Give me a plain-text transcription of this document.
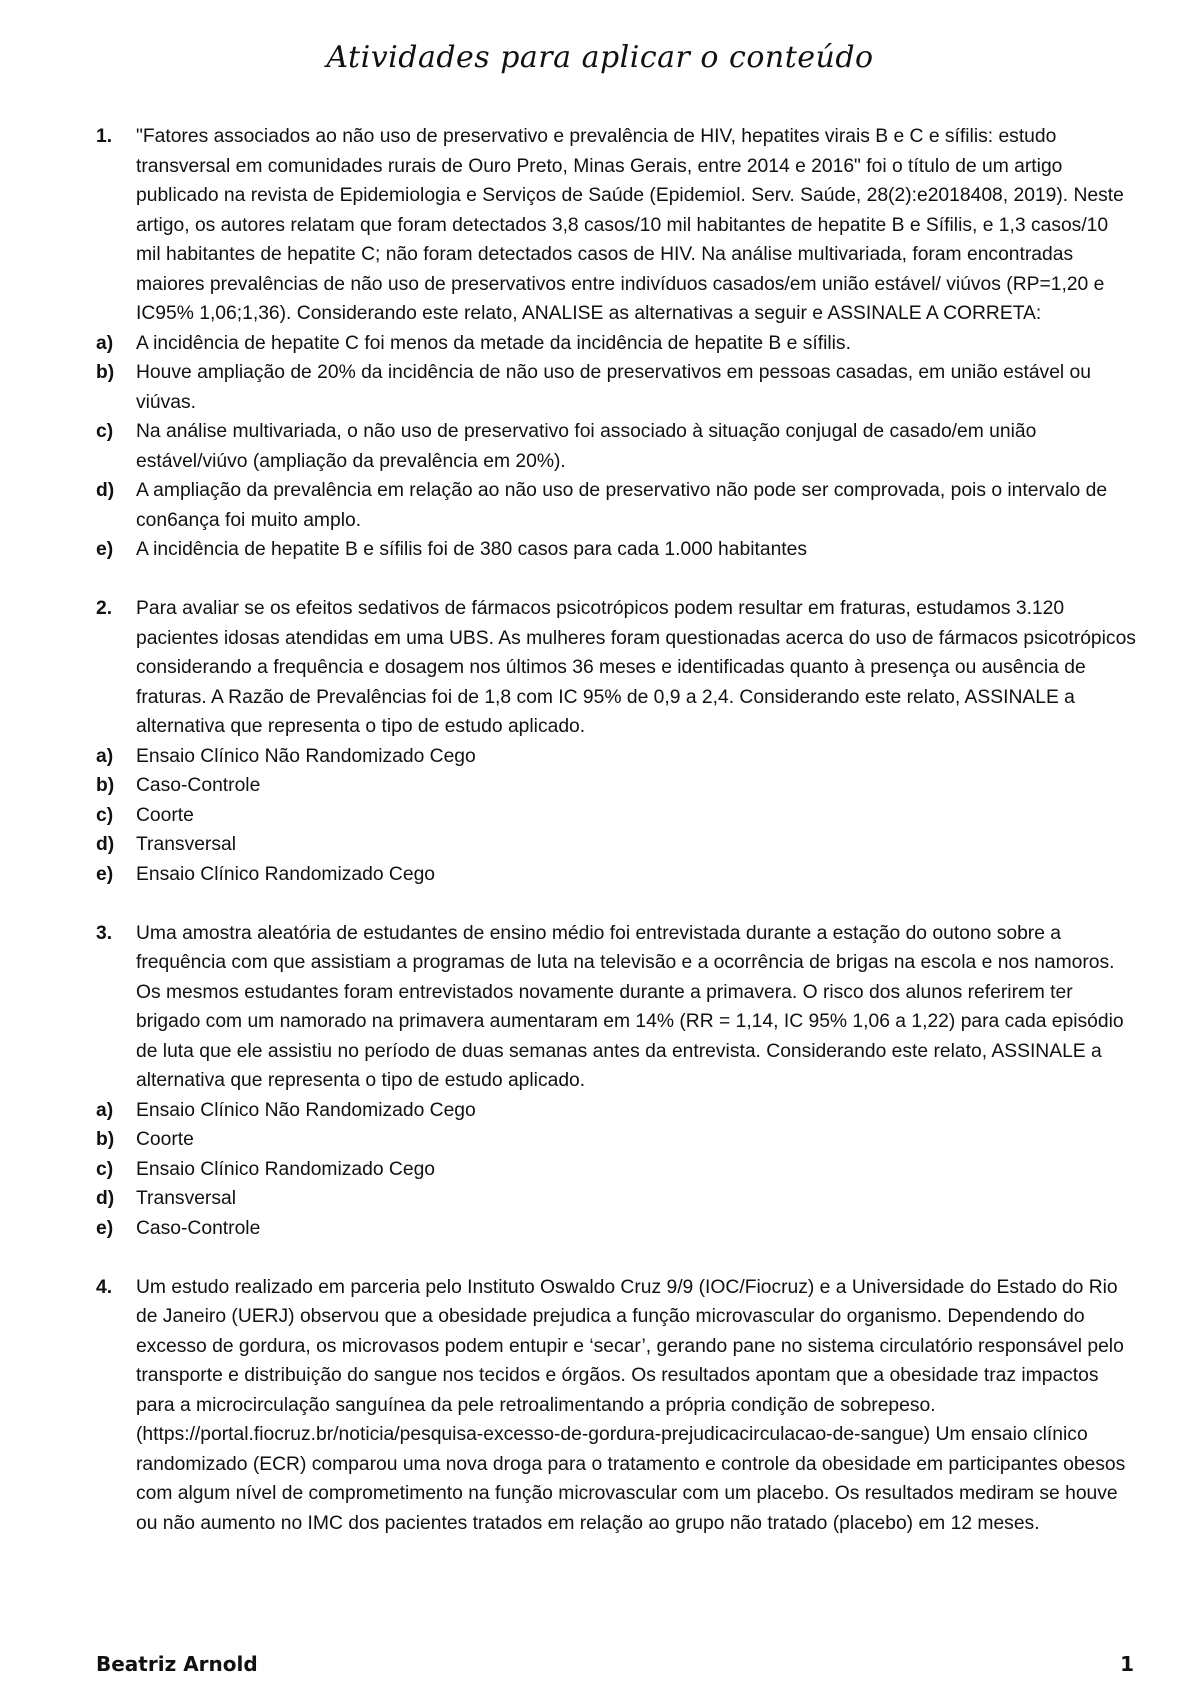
Atividades para aplicar o conteúdo
1.	"Fatores associados ao não uso de preservativo e prevalência de HIV, hepatites virais B e C e sífilis: estudo transversal em comunidades rurais de Ouro Preto, Minas Gerais, entre 2014 e 2016" foi o título de um artigo publicado na revista de Epidemiologia e Serviços de Saúde (Epidemiol. Serv. Saúde, 28(2):e2018408, 2019). Neste artigo, os autores relatam que foram detectados 3,8 casos/10 mil habitantes de hepatite B e Sífilis, e 1,3 casos/10 mil habitantes de hepatite C; não foram detectados casos de HIV. Na análise multivariada, foram encontradas maiores prevalências de não uso de preservativos entre indivíduos casados/em união estável/ viúvos (RP=1,20 e IC95% 1,06;1,36). Considerando este relato, ANALISE as alternativas a seguir e ASSINALE A CORRETA:

a)	A incidência de hepatite C foi menos da metade da incidência de hepatite B e sífilis.
b)	Houve ampliação de 20% da incidência de não uso de preservativos em pessoas casadas, em união estável ou viúvas.
c)	Na análise multivariada, o não uso de preservativo foi associado à situação conjugal de casado/em união estável/viúvo (ampliação da prevalência em 20%).
d)	A ampliação da prevalência em relação ao não uso de preservativo não pode ser comprovada, pois o intervalo de con6ança foi muito amplo.
e)	A incidência de hepatite B e sífilis foi de 380 casos para cada 1.000 habitantes
2.	Para avaliar se os efeitos sedativos de fármacos psicotrópicos podem resultar em fraturas, estudamos 3.120 pacientes idosas atendidas em uma UBS. As mulheres foram questionadas acerca do uso de fármacos psicotrópicos considerando a frequência e dosagem nos últimos 36 meses e identificadas quanto à presença ou ausência de fraturas. A Razão de Prevalências foi de 1,8 com IC 95% de 0,9 a 2,4. Considerando este relato, ASSINALE a alternativa que representa o tipo de estudo aplicado.

a)	Ensaio Clínico Não Randomizado Cego
b)	Caso-Controle
c)	Coorte
d)	Transversal
e)	Ensaio Clínico Randomizado Cego
3.	Uma amostra aleatória de estudantes de ensino médio foi entrevistada durante a estação do outono sobre a frequência com que assistiam a programas de luta na televisão e a ocorrência de brigas na escola e nos namoros. Os mesmos estudantes foram entrevistados novamente durante a primavera. O risco dos alunos referirem ter brigado com um namorado na primavera aumentaram em 14% (RR = 1,14, IC 95% 1,06 a 1,22) para cada episódio de luta que ele assistiu no período de duas semanas antes da entrevista. Considerando este relato, ASSINALE a alternativa que representa o tipo de estudo aplicado.

a)	Ensaio Clínico Não Randomizado Cego
b)	Coorte
c)	Ensaio Clínico Randomizado Cego
d)	Transversal
e)	Caso-Controle
4.	Um estudo realizado em parceria pelo Instituto Oswaldo Cruz 9/9 (IOC/Fiocruz) e a Universidade do Estado do Rio de Janeiro (UERJ) observou que a obesidade prejudica a função microvascular do organismo. Dependendo do excesso de gordura, os microvasos podem entupir e ‘secar’, gerando pane no sistema circulatório responsável pelo transporte e distribuição do sangue nos tecidos e órgãos. Os resultados apontam que a obesidade traz impactos para a microcirculação sanguínea da pele retroalimentando a própria condição de sobrepeso. (https://portal.fiocruz.br/noticia/pesquisa-excesso-de-gordura-prejudicacirculacao-de-sangue) Um ensaio clínico randomizado (ECR) comparou uma nova droga para o tratamento e controle da obesidade em participantes obesos com algum nível de comprometimento na função microvascular com um placebo. Os resultados mediram se houve ou não aumento no IMC dos pacientes tratados em relação ao grupo não tratado (placebo) em 12 meses.

Beatriz Arnold	1
